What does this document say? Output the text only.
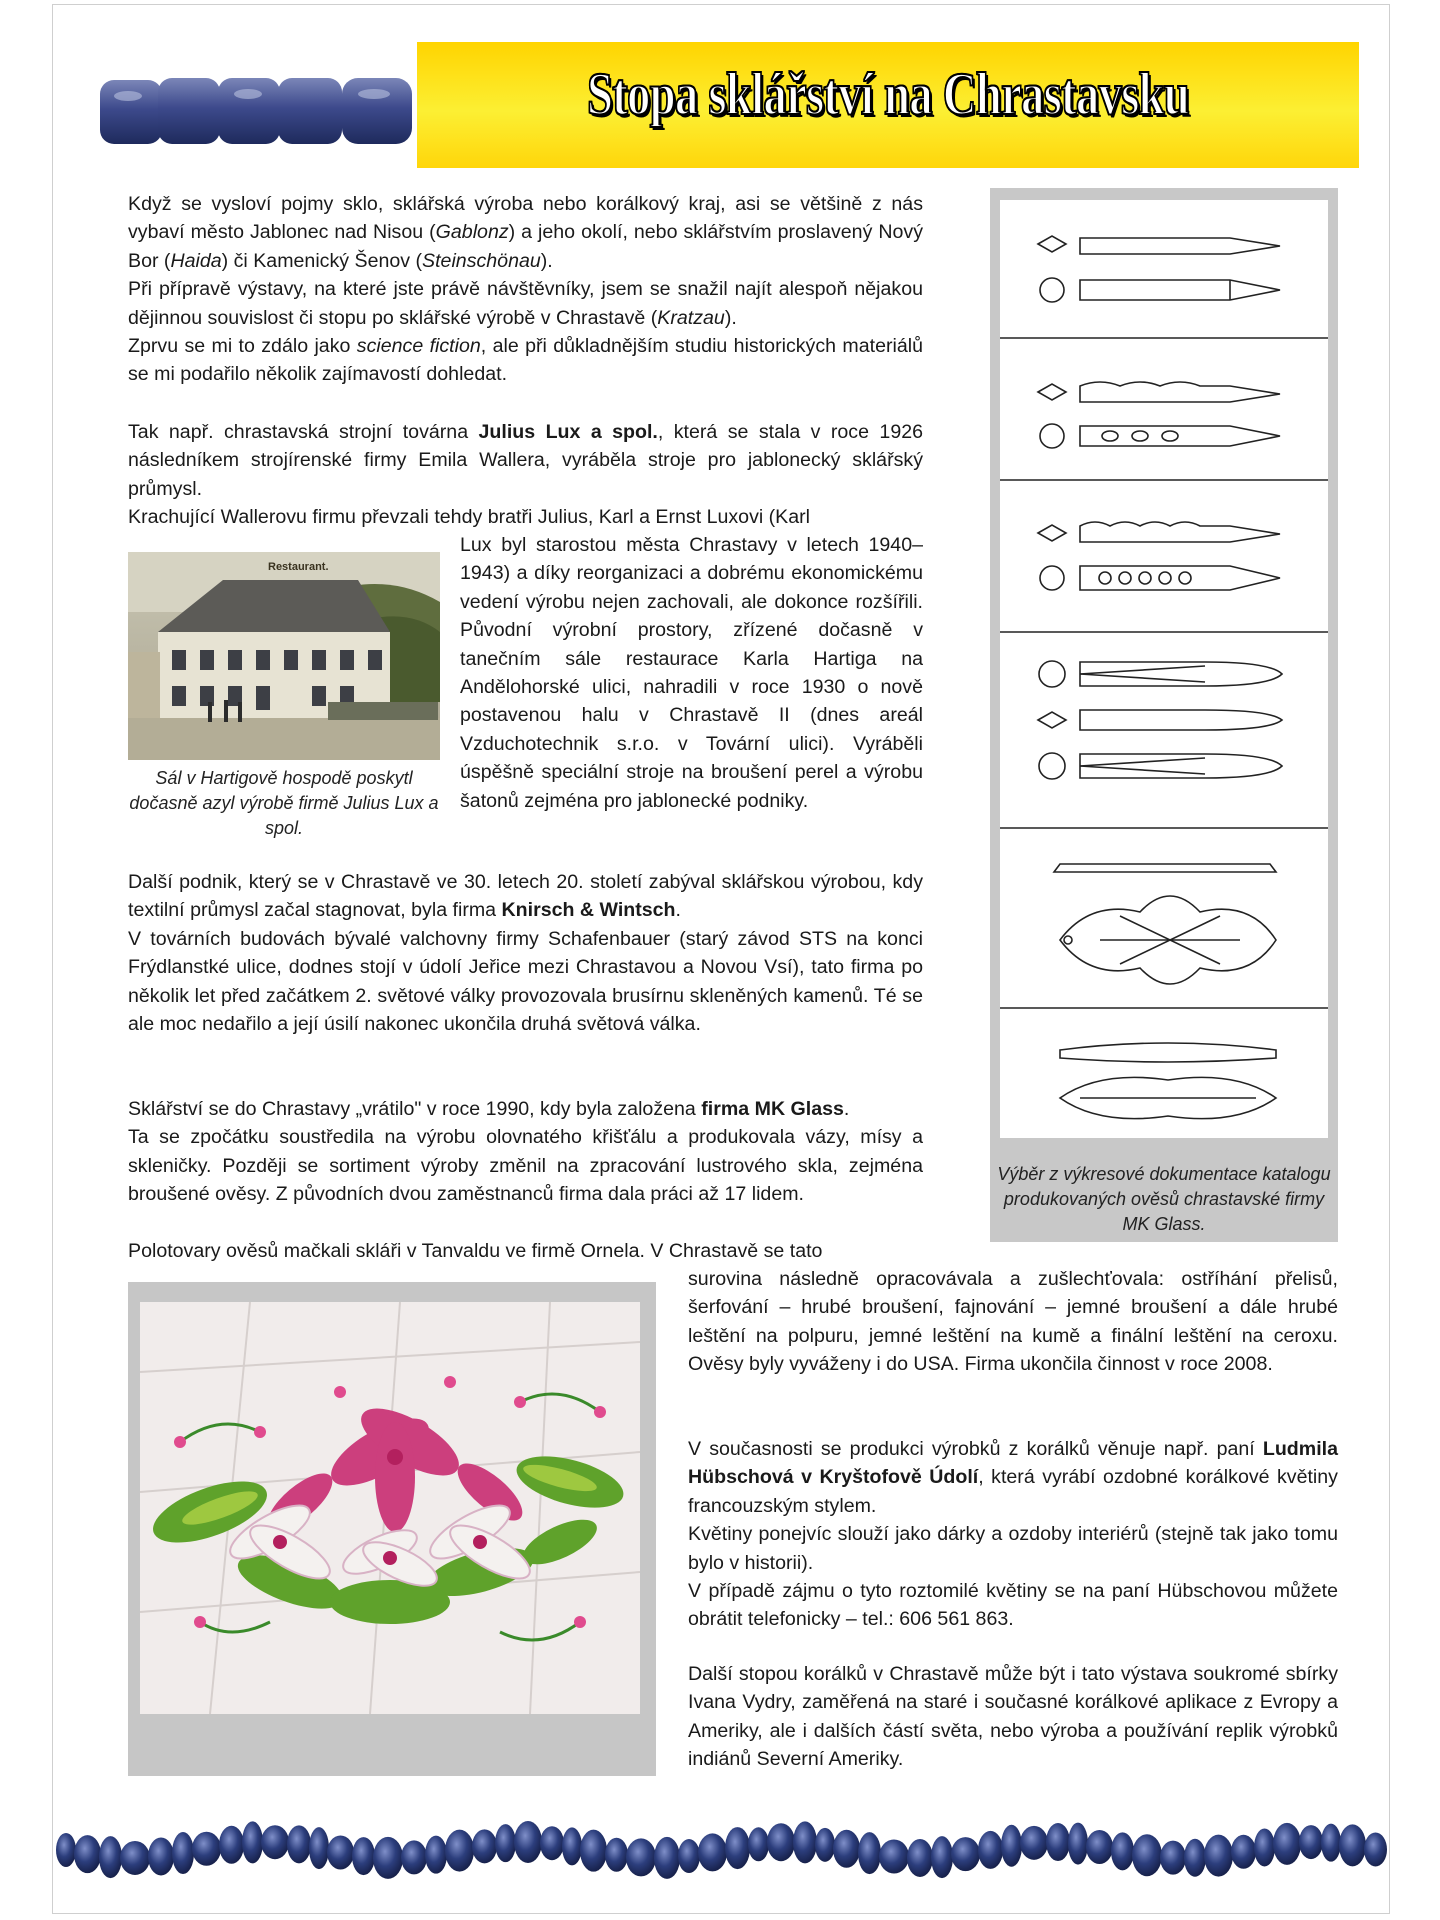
Stopa sklářství na Chrastavsku

Když se vysloví pojmy sklo, sklářská výroba nebo korálkový kraj, asi se většině z nás vybaví město Jablonec nad Nisou (Gablonz) a jeho okolí, nebo sklářstvím proslavený Nový Bor (Haida) či Kamenický Šenov (Steinschönau).
Při přípravě výstavy, na které jste právě návštěvníky, jsem se snažil najít alespoň nějakou dějinnou souvislost či stopu po sklářské výrobě v Chrastavě (Kratzau).
Zprvu se mi to zdálo jako science fiction, ale při důkladnějším studiu historických materiálů se mi podařilo několik zajímavostí dohledat.

Tak např. chrastavská strojní továrna Julius Lux a spol., která se stala v roce 1926 následníkem strojírenské firmy Emila Wallera, vyráběla stroje pro jablonecký sklářský průmysl.

Krachující Wallerovu firmu převzali tehdy bratři Julius, Karl a Ernst Luxovi (Karl

Lux byl starostou města Chrastavy v letech 1940–1943) a díky reorganizaci a dobrému ekonomickému vedení výrobu nejen zachovali, ale dokonce rozšířili. Původní výrobní prostory, zřízené dočasně v tanečním sále restaurace Karla Hartiga na Andělohorské ulici, nahradili v roce 1930 o nově postavenou halu v Chrastavě II (dnes areál Vzduchotechnik s.r.o. v Tovární ulici). Vyráběli úspěšně speciální stroje na broušení perel a výrobu šatonů zejména pro jablonecké podniky.

Další podnik, který se v Chrastavě ve 30. letech 20. století zabýval sklářskou výrobou, kdy textilní průmysl začal stagnovat, byla firma Knirsch & Wintsch.
V továrních budovách bývalé valchovny firmy Schafenbauer (starý závod STS na konci Frýdlanstké ulice, dodnes stojí v údolí Jeřice mezi Chrastavou a Novou Vsí), tato firma po několik let před začátkem 2. světové války provozovala brusírnu skleněných kamenů. Té se ale moc nedařilo a její úsilí nakonec ukončila druhá světová válka.

Sklářství se do Chrastavy „vrátilo" v roce 1990, kdy byla založena firma MK Glass.
Ta se zpočátku soustředila na výrobu olovnatého křišťálu a produkovala vázy, mísy a skleničky. Později se sortiment výroby změnil na zpracování lustrového skla, zejména broušené ověsy. Z původních dvou zaměstnanců firma dala práci až 17 lidem.

Polotovary ověsů mačkali skláři v Tanvaldu ve firmě Ornela. V Chrastavě se tato

surovina následně opracovávala a zušlechťovala: ostříhání přelisů, šerfování – hrubé broušení, fajnování – jemné broušení a dále hrubé leštění na polpuru, jemné leštění na kumě a finální leštění na ceroxu. Ověsy byly vyváženy i do USA. Firma ukončila činnost v roce 2008.

V současnosti se produkci výrobků z korálků věnuje např. paní Ludmila Hübschová v Kryštofově Údolí, která vyrábí ozdobné korálkové květiny francouzským stylem.
Květiny ponejvíc slouží jako dárky a ozdoby interiérů (stejně tak jako tomu bylo v historii).
V případě zájmu o tyto roztomilé květiny se na paní Hübschovou můžete obrátit telefonicky – tel.: 606 561 863.

Další stopou korálků v Chrastavě může být i tato výstava soukromé sbírky Ivana Vydry, zaměřená na staré i současné korálkové aplikace z Evropy a Ameriky, ale i dalších částí světa, nebo výroba a používání replik výrobků indiánů Severní Ameriky.

Restaurant.
Sál v Hartigově hospodě poskytl dočasně azyl výrobě firmě Julius Lux a spol.
Výběr z výkresové dokumentace katalogu produkovaných ověsů chrastavské firmy MK Glass.
